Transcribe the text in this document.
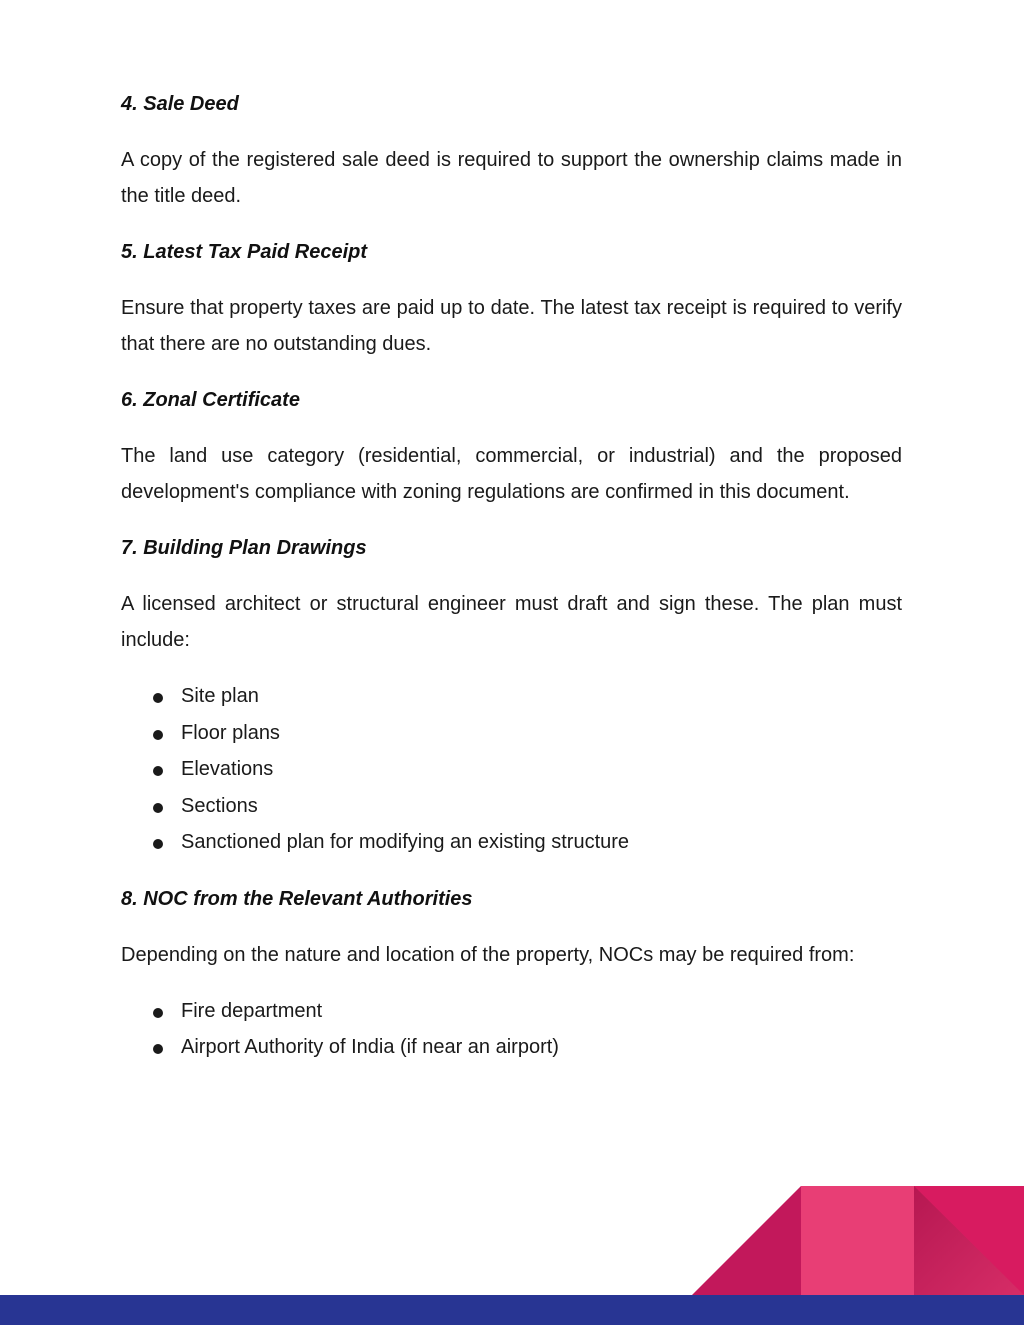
4. Sale Deed
A copy of the registered sale deed is required to support the ownership claims made in the title deed.
5. Latest Tax Paid Receipt
Ensure that property taxes are paid up to date. The latest tax receipt is required to verify that there are no outstanding dues.
6. Zonal Certificate
The land use category (residential, commercial, or industrial) and the proposed development's compliance with zoning regulations are confirmed in this document.
7. Building Plan Drawings
A licensed architect or structural engineer must draft and sign these. The plan must include:
Site plan
Floor plans
Elevations
Sections
Sanctioned plan for modifying an existing structure
8. NOC from the Relevant Authorities
Depending on the nature and location of the property, NOCs may be required from:
Fire department
Airport Authority of India (if near an airport)
